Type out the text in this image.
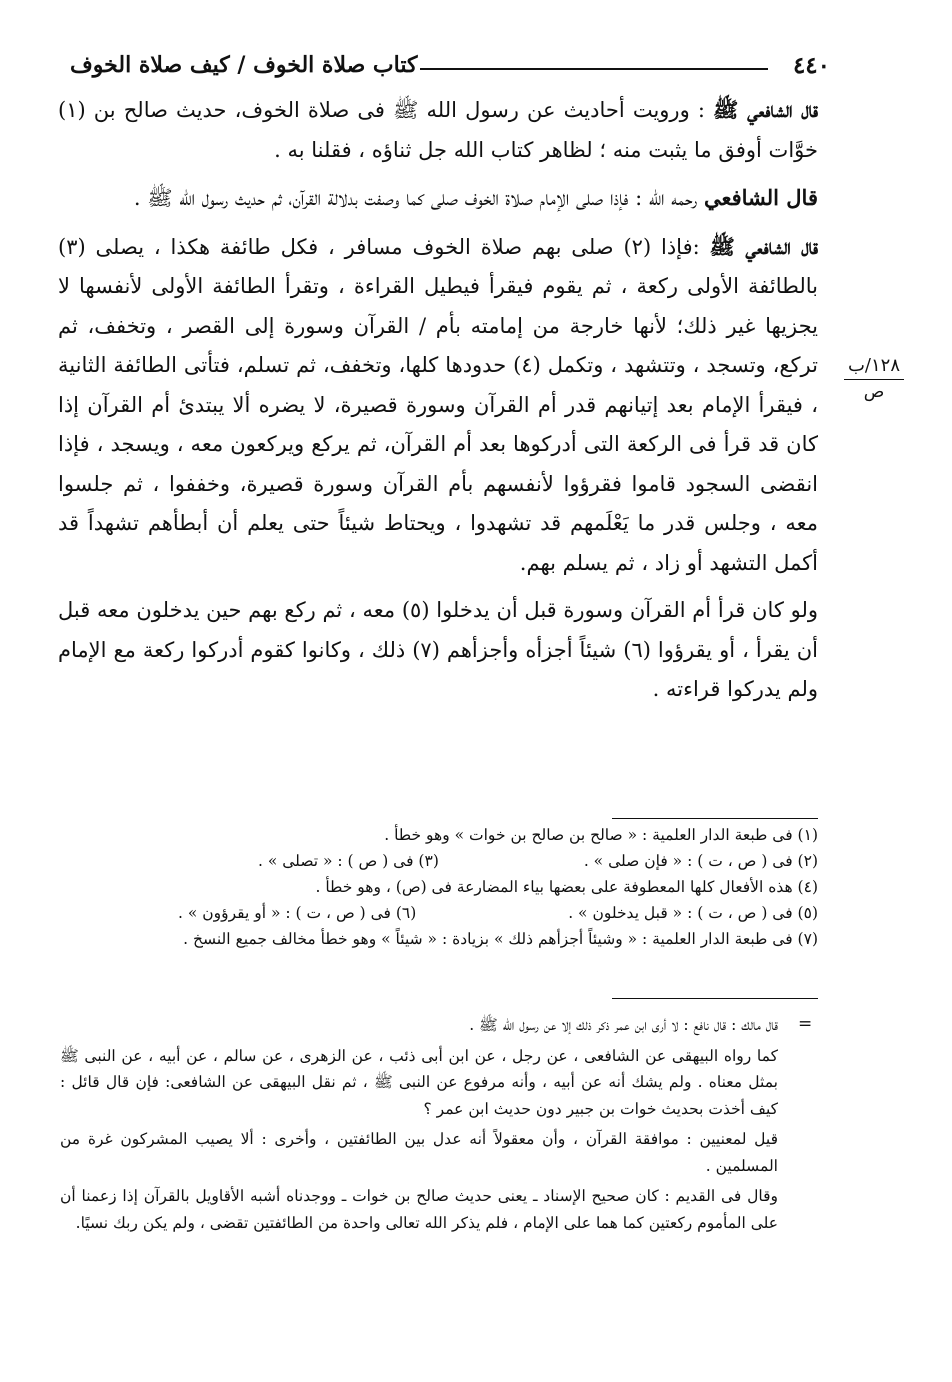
٤٤٠
كتاب صلاة الخوف / كيف صلاة الخوف

قال الشافعي ﷺ : ورويت أحاديث عن رسول الله ﷺ فى صلاة الخوف، حديث صالح بن (١) خوَّات أوفق ما يثبت منه ؛ لظاهر كتاب الله جل ثناؤه ، فقلنا به .

قال الشافعي رحمه الله : فإذا صلى الإمام صلاة الخوف صلى كما وصفت بدلالة القرآن، ثم حديث رسول الله ﷺ .

قال الشافعي ﷺ :فإذا (٢) صلى بهم صلاة الخوف مسافر ، فكل طائفة هكذا ، يصلى (٣) بالطائفة الأولى ركعة ، ثم يقوم فيقرأ فيطيل القراءة ، وتقرأ الطائفة الأولى لأنفسها لا يجزيها غير ذلك؛ لأنها خارجة من إمامته بأم / القرآن وسورة إلى القصر ، وتخفف، ثم تركع، وتسجد ، وتتشهد ، وتكمل (٤) حدودها كلها، وتخفف، ثم تسلم، فتأتى الطائفة الثانية ، فيقرأ الإمام بعد إتيانهم قدر أم القرآن وسورة قصيرة، لا يضره ألا يبتدئ أم القرآن إذا كان قد قرأ فى الركعة التى أدركوها بعد أم القرآن، ثم يركع ويركعون معه ، ويسجد ، فإذا انقضى السجود قاموا فقرؤوا لأنفسهم بأم القرآن وسورة قصيرة، وخففوا ، ثم جلسوا معه ، وجلس قدر ما يَعْلَمهم قد تشهدوا ، ويحتاط شيئاً حتى يعلم أن أبطأهم تشهداً قد أكمل التشهد أو زاد ، ثم يسلم بهم.

ولو كان قرأ أم القرآن وسورة قبل أن يدخلوا (٥) معه ، ثم ركع بهم حين يدخلون معه قبل أن يقرأ ، أو يقرؤوا (٦) شيئاً أجزأه وأجزأهم (٧) ذلك ، وكانوا كقوم أدركوا ركعة مع الإمام ولم يدركوا قراءته .

١٢٨/ب
ص
(١) فى طبعة الدار العلمية : « صالح بن صالح بن خوات » وهو خطأ .
(٢) فى ( ص ، ت ) : « فإن صلى » .
(٣) فى ( ص ) : « تصلى » .
(٤) هذه الأفعال كلها المعطوفة على بعضها بياء المضارعة فى (ص) ، وهو خطأ .
(٥) فى ( ص ، ت ) : « قبل يدخلون » .
(٦) فى ( ص ، ت ) : « أو يقرؤون » .
(٧) فى طبعة الدار العلمية : « وشيئاً أجزأهم ذلك » بزيادة : « شيئاً » وهو خطأ مخالف جميع النسخ .
=

قال مالك : قال نافع : لا أرى ابن عمر ذكر ذلك إلا عن رسول الله ﷺ .

كما رواه البيهقى عن الشافعى ، عن رجل ، عن ابن أبى ذئب ، عن الزهرى ، عن سالم ، عن أبيه ، عن النبى ﷺ بمثل معناه . ولم يشك أنه عن أبيه ، وأنه مرفوع عن النبى ﷺ ، ثم نقل البيهقى عن الشافعى: فإن قال قائل : كيف أخذت بحديث خوات بن جبير دون حديث ابن عمر ؟

قيل لمعنيين : موافقة القرآن ، وأن معقولاً أنه عدل بين الطائفتين ، وأخرى : ألا يصيب المشركون غرة من المسلمين .

وقال فى القديم : كان صحيح الإسناد ـ يعنى حديث صالح بن خوات ـ ووجدناه أشبه الأقاويل بالقرآن إذا زعمنا أن على المأموم ركعتين كما هما على الإمام ، فلم يذكر الله تعالى واحدة من الطائفتين تقضى ، ولم يكن ربك نسيًا.
